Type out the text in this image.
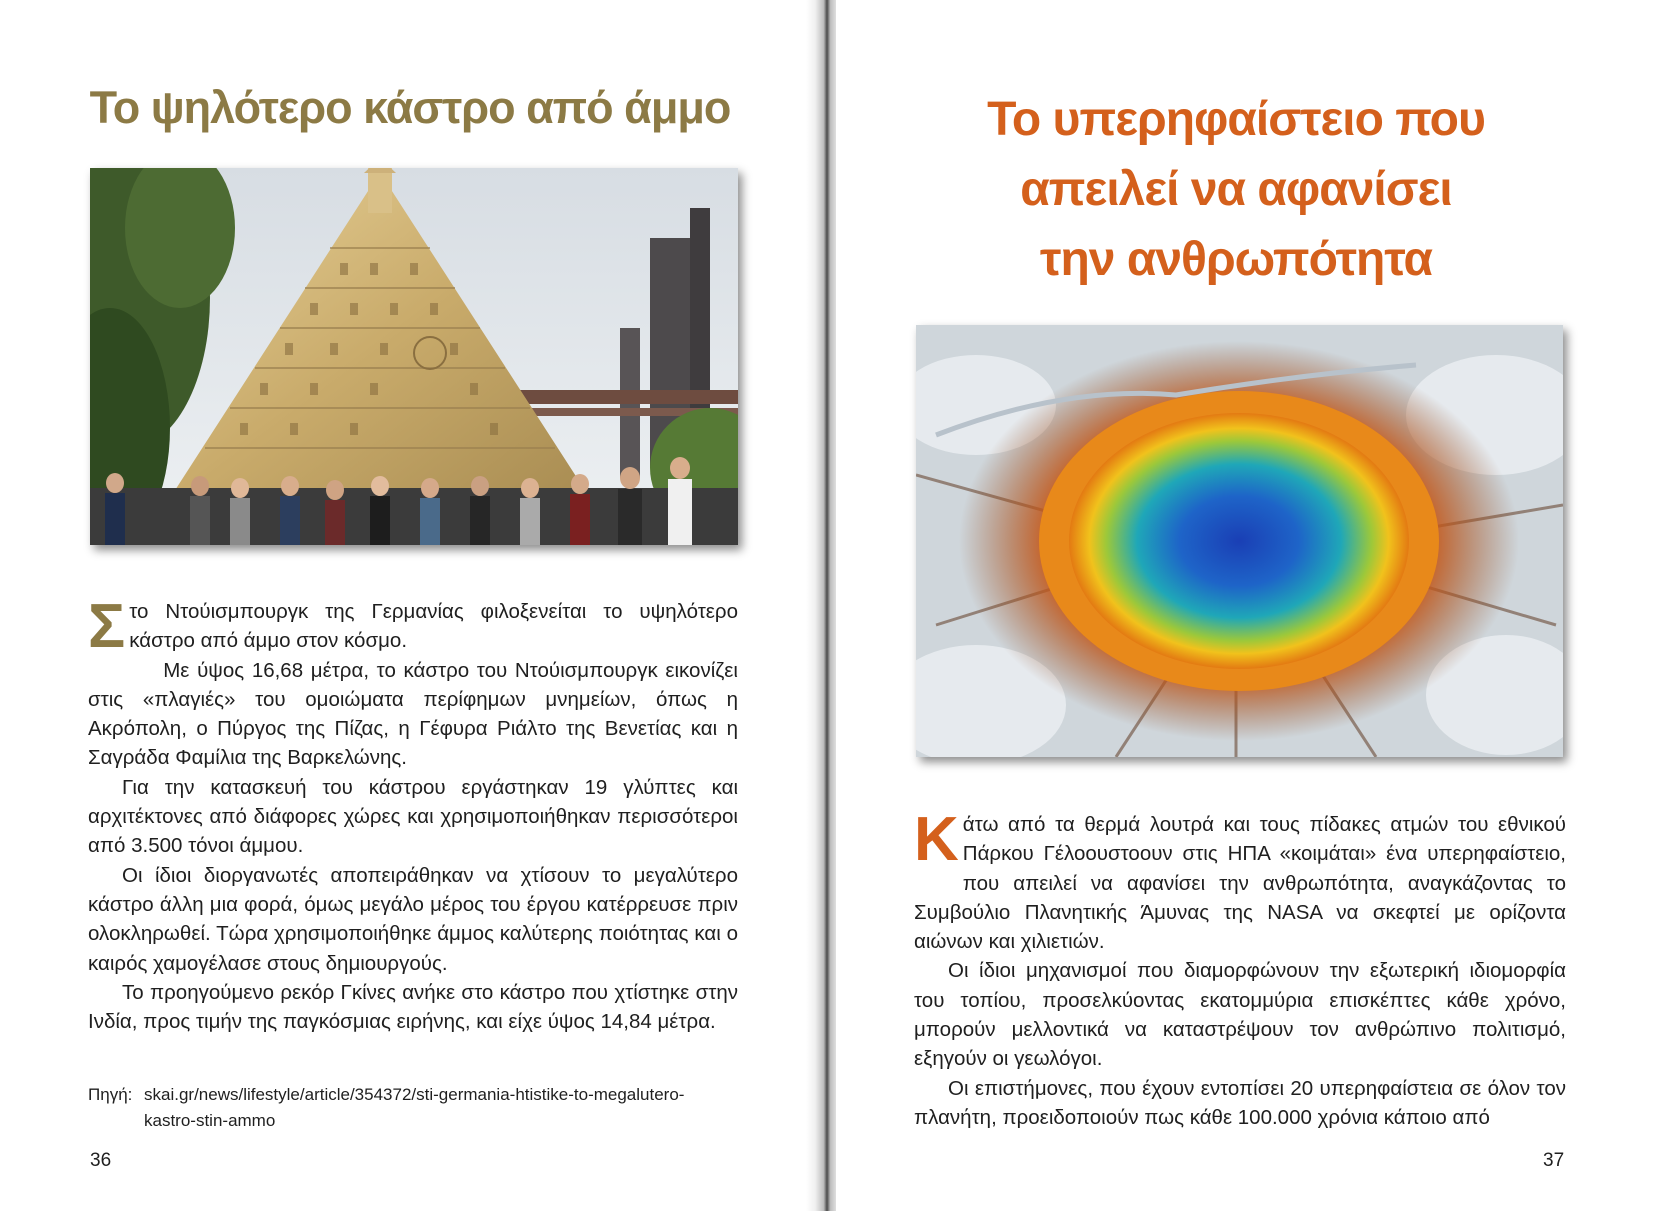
Το ψηλότερο κάστρο από άμμο

Στο Ντούισμπουργκ της Γερμανίας φιλοξενείται το υψηλότερο κάστρο από άμμο στον κόσμο.

Με ύψος 16,68 μέτρα, το κάστρο του Ντούισμπουργκ εικονίζει στις «πλαγιές» του ομοιώματα περίφημων μνημείων, όπως η Ακρόπολη, ο Πύργος της Πίζας, η Γέφυρα Ριάλτο της Βενετίας και η Σαγράδα Φαμίλια της Βαρκελώνης.

Για την κατασκευή του κάστρου εργάστηκαν 19 γλύπτες και αρχιτέκτονες από διάφορες χώρες και χρησιμοποιήθηκαν περισσότεροι από 3.500 τόνοι άμμου.

Οι ίδιοι διοργανωτές αποπειράθηκαν να χτίσουν το μεγαλύτερο κάστρο άλλη μια φορά, όμως μεγάλο μέρος του έργου κατέρρευσε πριν ολοκληρωθεί. Τώρα χρησιμοποιήθηκε άμμος καλύτερης ποιότητας και ο καιρός χαμογέλασε στους δημιουργούς.

Το προηγούμενο ρεκόρ Γκίνες ανήκε στο κάστρο που χτίστηκε στην Ινδία, προς τιμήν της παγκόσμιας ειρήνης, και είχε ύψος 14,84 μέτρα.

Πηγή: skai.gr/news/lifestyle/article/354372/sti-germania-htistike-to-megalutero-kastro-stin-ammo
36
Το υπερηφαίστειο που
απειλεί να αφανίσει
την ανθρωπότητα

Κάτω από τα θερμά λουτρά και τους πίδακες ατμών του εθνικού Πάρκου Γέλοουστοουν στις ΗΠΑ «κοιμάται» ένα υπερηφαίστειο, που απειλεί να αφανίσει την ανθρωπότητα, αναγκάζοντας το Συμβούλιο Πλανητικής Άμυνας της NASA να σκεφτεί με ορίζοντα αιώνων και χιλιετιών.

Οι ίδιοι μηχανισμοί που διαμορφώνουν την εξωτερική ιδιομορφία του τοπίου, προσελκύοντας εκατομμύρια επισκέπτες κάθε χρόνο, μπορούν μελλοντικά να καταστρέψουν τον ανθρώπινο πολιτισμό, εξηγούν οι γεωλόγοι.

Οι επιστήμονες, που έχουν εντοπίσει 20 υπερηφαίστεια σε όλον τον πλανήτη, προειδοποιούν πως κάθε 100.000 χρόνια κάποιο από

37
